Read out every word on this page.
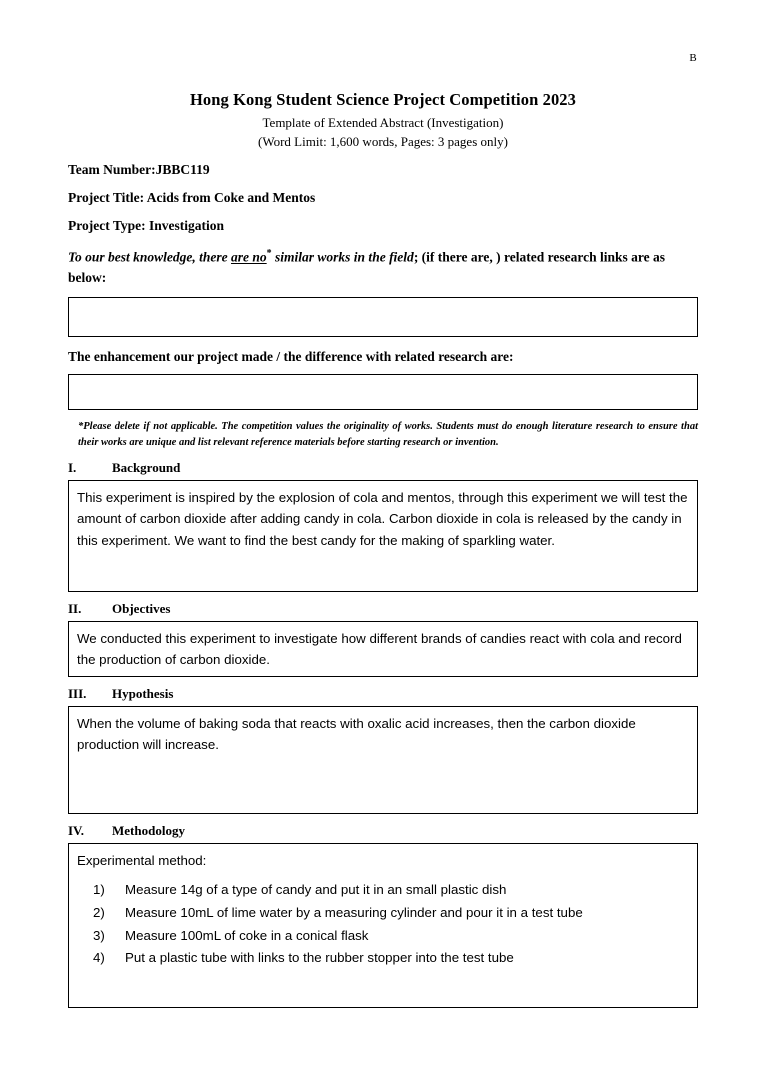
B
Hong Kong Student Science Project Competition 2023
Template of Extended Abstract (Investigation)
(Word Limit: 1,600 words, Pages: 3 pages only)
Team Number:JBBC119
Project Title: Acids from Coke and Mentos
Project Type: Investigation
To our best knowledge, there are no* similar works in the field; (if there are, ) related research links are as below:
The enhancement our project made / the difference with related research are:
*Please delete if not applicable. The competition values the originality of works. Students must do enough literature research to ensure that their works are unique and list relevant reference materials before starting research or invention.
I.	Background
This experiment is inspired by the explosion of cola and mentos, through this experiment we will test the amount of carbon dioxide after adding candy in cola. Carbon dioxide in cola is released by the candy in this experiment. We want to find the best candy for the making of sparkling water.
II.	Objectives
We conducted this experiment to investigate how different brands of candies react with cola and record the production of carbon dioxide.
III.	Hypothesis
When the volume of baking soda that reacts with oxalic acid increases, then the carbon dioxide production will increase.
IV.	Methodology

Experimental method:

1)	Measure 14g of a type of candy and put it in an small plastic dish
2)	Measure 10mL of lime water by a measuring cylinder and pour it in a test tube
3)	Measure 100mL of coke in a conical flask
4)	Put a plastic tube with links to the rubber stopper into the test tube
